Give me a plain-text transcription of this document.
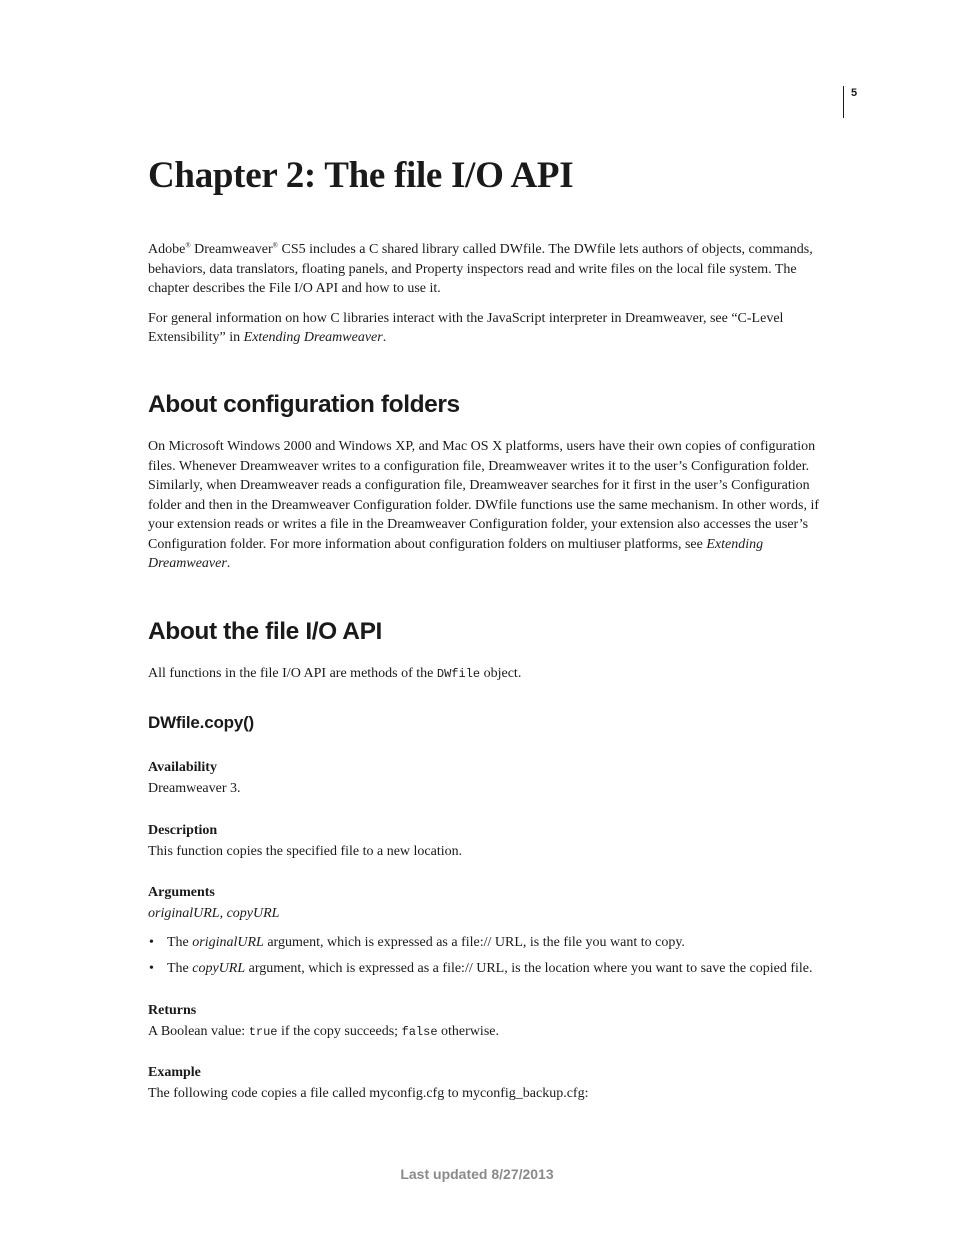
5
Chapter 2: The file I/O API

Adobe® Dreamweaver® CS5 includes a C shared library called DWfile. The DWfile lets authors of objects, commands, behaviors, data translators, floating panels, and Property inspectors read and write files on the local file system. The chapter describes the File I/O API and how to use it.

For general information on how C libraries interact with the JavaScript interpreter in Dreamweaver, see “C-Level Extensibility” in Extending Dreamweaver.

About configuration folders

On Microsoft Windows 2000 and Windows XP, and Mac OS X platforms, users have their own copies of configuration files. Whenever Dreamweaver writes to a configuration file, Dreamweaver writes it to the user’s Configuration folder. Similarly, when Dreamweaver reads a configuration file, Dreamweaver searches for it first in the user’s Configuration folder and then in the Dreamweaver Configuration folder. DWfile functions use the same mechanism. In other words, if your extension reads or writes a file in the Dreamweaver Configuration folder, your extension also accesses the user’s Configuration folder. For more information about configuration folders on multiuser platforms, see Extending Dreamweaver.

About the file I/O API

All functions in the file I/O API are methods of the DWfile object.

DWfile.copy()
Availability
Dreamweaver 3.
Description
This function copies the specified file to a new location.
Arguments
originalURL, copyURL
• The originalURL argument, which is expressed as a file:// URL, is the file you want to copy.
• The copyURL argument, which is expressed as a file:// URL, is the location where you want to save the copied file.
Returns
A Boolean value: true if the copy succeeds; false otherwise.
Example
The following code copies a file called myconfig.cfg to myconfig_backup.cfg:
Last updated 8/27/2013
